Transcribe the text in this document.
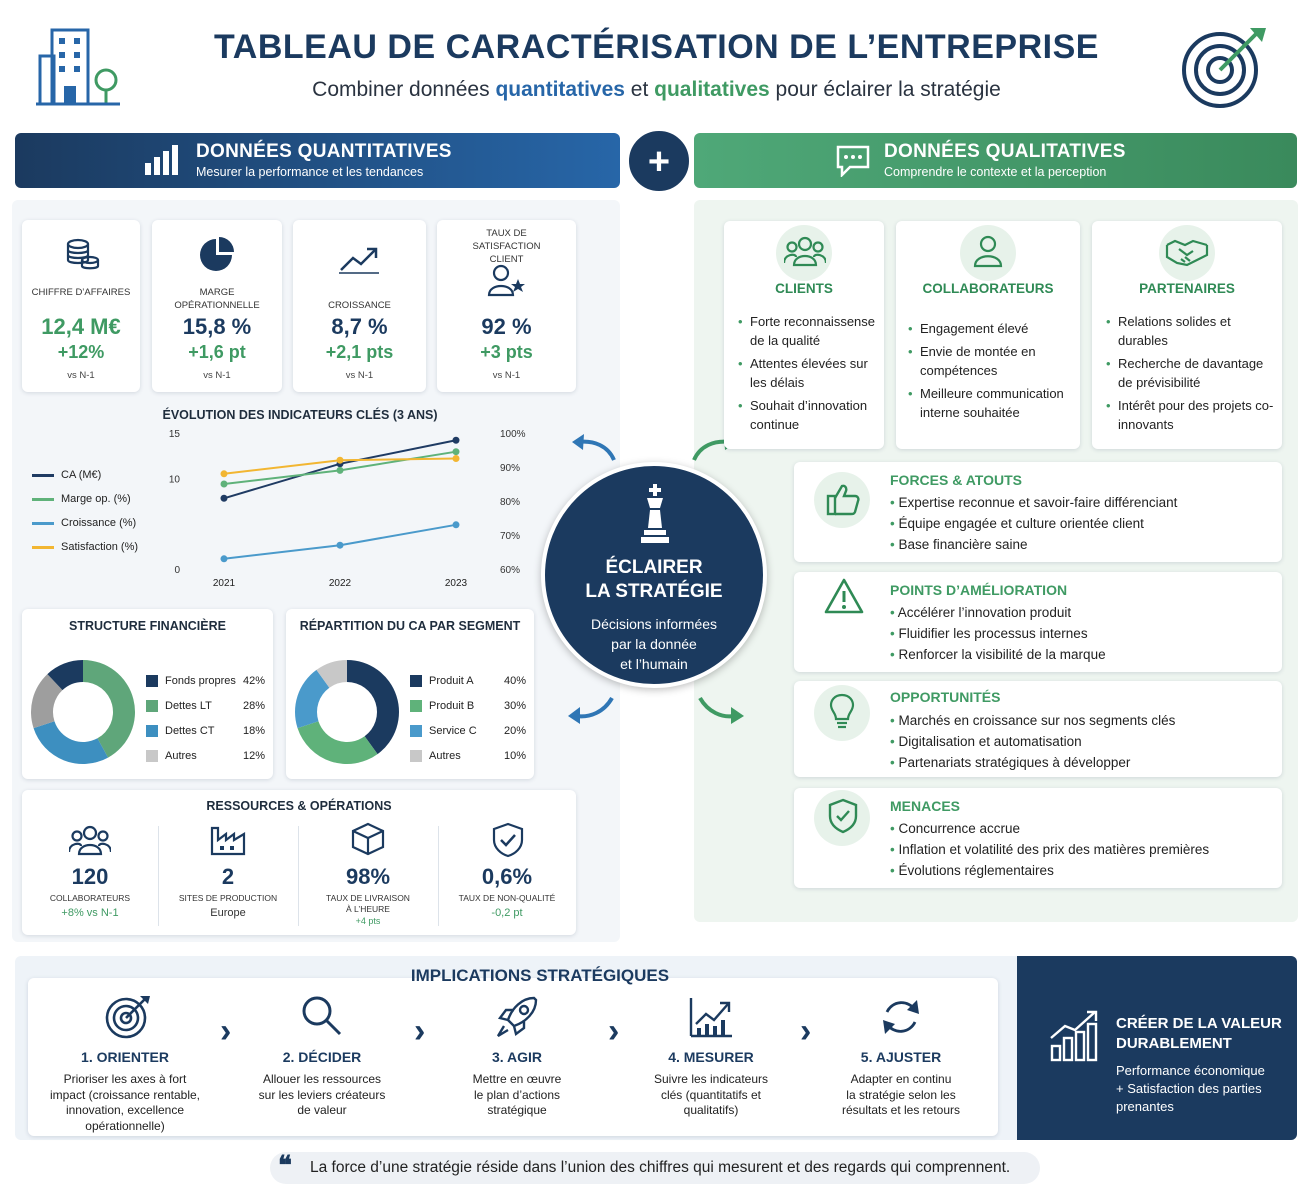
TABLEAU DE CARACTÉRISATION DE L’ENTREPRISE
Combiner données quantitatives et qualitatives pour éclairer la stratégie
DONNÉES QUANTITATIVES
Mesurer la performance et les tendances	+	DONNÉES QUALITATIVES
Comprendre le contexte et la perception
CHIFFRE D’AFFAIRES
12,4 M€
+12%
vs N-1
MARGE OPÉRATIONNELLE
15,8 %
+1,6 pt
vs N-1
CROISSANCE
8,7 %
+2,1 pts
vs N-1
TAUX DE SATISFACTION CLIENT
92 %
+3 pts
vs N-1
ÉVOLUTION DES INDICATEURS CLÉS (3 ANS)
15
10
0
100%
90%
80%
70%
60%
2021	2022	2023
CA (M€)
Marge op. (%)
Croissance (%)
Satisfaction (%)
STRUCTURE FINANCIÈRE
Fonds propres 42%
Dettes LT	28%
Dettes CT	18%
Autres	12%
RÉPARTITION DU CA PAR SEGMENT
Produit A	40%
Produit B	30%
Service C 20%
Autres	10%
RESSOURCES & OPÉRATIONS
120
COLLABORATEURS
+8% vs N-1
2
SITES DE PRODUCTION
Europe
98%
TAUX DE LIVRAISON À L’HEURE
+4 pts
0,6%
TAUX DE NON-QUALITÉ
-0,2 pt
ÉCLAIRER
LA STRATÉGIE
Décisions informées
par la donnée
et l’humain
CLIENTS
• Forte reconnaissense de la qualité
• Attentes élevées sur les délais
• Souhait d’innovation continue
COLLABORATEURS
• Engagement élevé
• Envie de montée en compétences
• Meilleure communication interne souhaitée
PARTENAIRES
• Relations solides et durables
• Recherche de davantage de prévisibilité
• Intérêt pour des projets co-innovants
FORCES & ATOUTS
• Expertise reconnue et savoir-faire différenciant
• Équipe engagée et culture orientée client
• Base financière saine
POINTS D’AMÉLIORATION
• Accélérer l’innovation produit
• Fluidifier les processus internes
• Renforcer la visibilité de la marque
OPPORTUNITÉS
• Marchés en croissance sur nos segments clés
• Digitalisation et automatisation
• Partenariats stratégiques à développer
MENACES
• Concurrence accrue
• Inflation et volatilité des prix des matières premières
• Évolutions réglementaires
IMPLICATIONS STRATÉGIQUES
1. ORIENTER
Prioriser les axes à fort
impact (croissance rentable,
innovation, excellence
opérationnelle)
›
2. DÉCIDER
Allouer les ressources
sur les leviers créateurs
de valeur
›
3. AGIR
Mettre en œuvre
le plan d’actions
stratégique
›
4. MESURER
Suivre les indicateurs
clés (quantitatifs et
qualitatifs)
›
5. AJUSTER
Adapter en continu
la stratégie selon les
résultats et les retours
CRÉER DE LA VALEUR
DURABLEMENT
Performance économique
+ Satisfaction des parties
prenantes
❝ La force d’une stratégie réside dans l’union des chiffres qui mesurent et des regards qui comprennent.
